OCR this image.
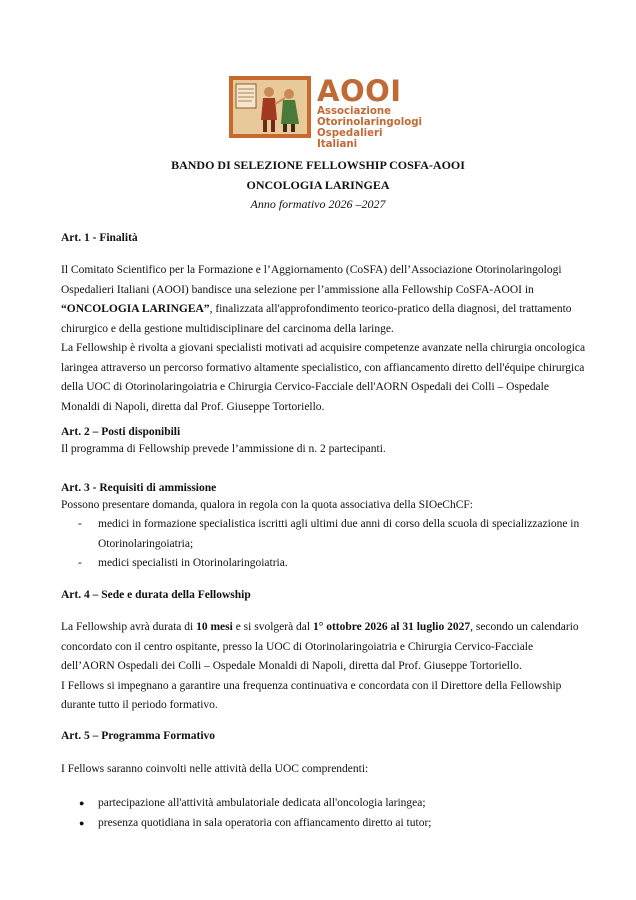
AOOI
Associazione
Otorinolaringologi
Ospedalieri Italiani
BANDO DI SELEZIONE FELLOWSHIP COSFA-AOOI
ONCOLOGIA LARINGEA
Anno formativo 2026 –2027
Art. 1 - Finalità

Il Comitato Scientifico per la Formazione e l’Aggiornamento (CoSFA) dell’Associazione Otorinolaringologi Ospedalieri Italiani (AOOI) bandisce una selezione per l’ammissione alla Fellowship CoSFA-AOOI in “ONCOLOGIA LARINGEA”, finalizzata all'approfondimento teorico-pratico della diagnosi, del trattamento chirurgico e della gestione multidisciplinare del carcinoma della laringe.

La Fellowship è rivolta a giovani specialisti motivati ad acquisire competenze avanzate nella chirurgia oncologica laringea attraverso un percorso formativo altamente specialistico, con affiancamento diretto dell'équipe chirurgica della UOC di Otorinolaringoiatria e Chirurgia Cervico-Facciale dell'AORN Ospedali dei Colli – Ospedale Monaldi di Napoli, diretta dal Prof. Giuseppe Tortoriello.

Art. 2 – Posti disponibili
Il programma di Fellowship prevede l’ammissione di n. 2 partecipanti.
Art. 3 - Requisiti di ammissione
Possono presentare domanda, qualora in regola con la quota associativa della SIOeChCF:
- medici in formazione specialistica iscritti agli ultimi due anni di corso della scuola di specializzazione in Otorinolaringoiatria;
- medici specialisti in Otorinolaringoiatria.
Art. 4 – Sede e durata della Fellowship

La Fellowship avrà durata di 10 mesi e si svolgerà dal 1° ottobre 2026 al 31 luglio 2027, secondo un calendario concordato con il centro ospitante, presso la UOC di Otorinolaringoiatria e Chirurgia Cervico-Facciale dell’AORN Ospedali dei Colli – Ospedale Monaldi di Napoli, diretta dal Prof. Giuseppe Tortoriello.

I Fellows si impegnano a garantire una frequenza continuativa e concordata con il Direttore della Fellowship durante tutto il periodo formativo.

Art. 5 – Programma Formativo
I Fellows saranno coinvolti nelle attività della UOC comprendenti:
● partecipazione all'attività ambulatoriale dedicata all'oncologia laringea;
● presenza quotidiana in sala operatoria con affiancamento diretto ai tutor;
